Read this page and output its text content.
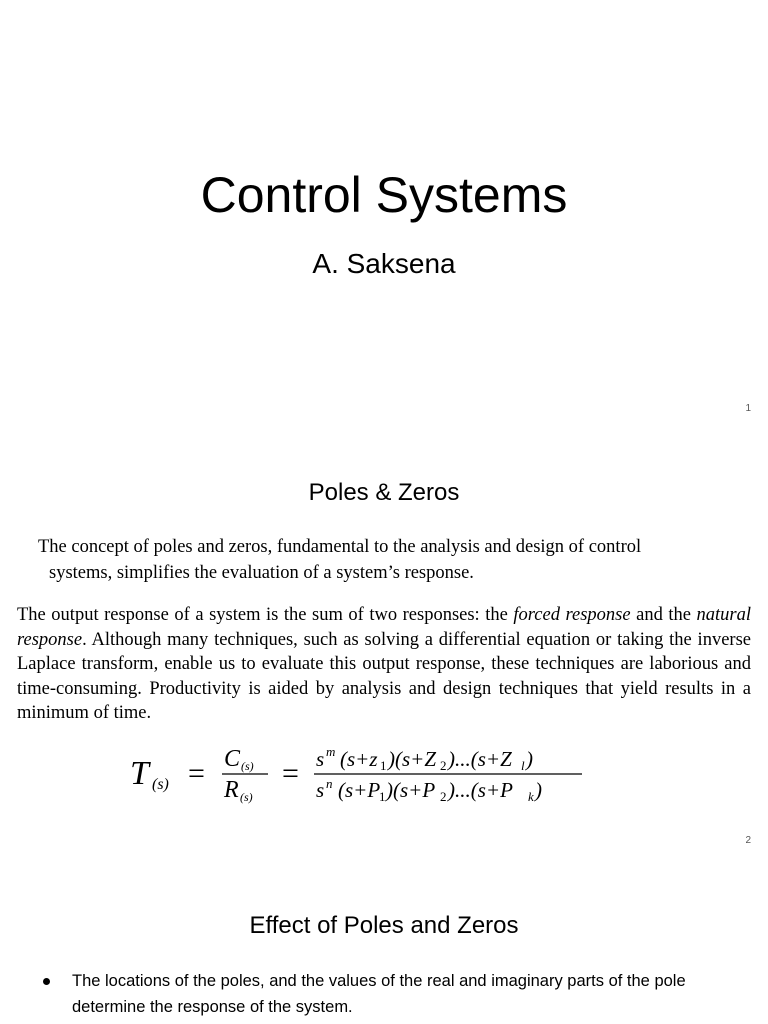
Control Systems
A. Saksena
1
Poles & Zeros
The concept of poles and zeros, fundamental to the analysis and design of control
systems, simplifies the evaluation of a system’s response.
The output response of a system is the sum of two responses: the forced response and the natural response. Although many techniques, such as solving a differential equation or taking the inverse Laplace transform, enable us to evaluate this output response, these techniques are laborious and time-consuming. Productivity is aided by analysis and design techniques that yield results in a minimum of time.
T (s) = C (s)
R (s)
= s m (s+z 1 )(s+Z 2 )...(s+Z l )
s n (s+P
1 )(s+P 2 )...(s+P k )
2
Effect of Poles and Zeros
The locations of the poles, and the values of the real and imaginary parts of the pole determine the response of the system.
